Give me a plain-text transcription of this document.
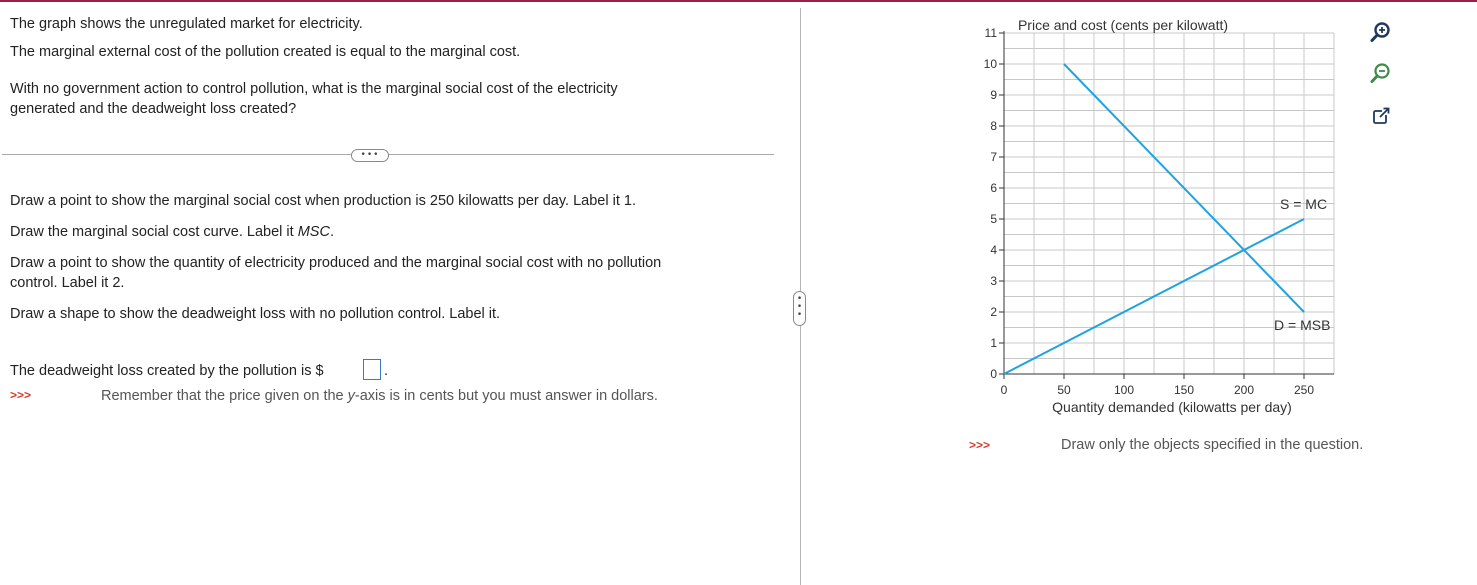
The graph shows the unregulated market for electricity.
The marginal external cost of the pollution created is equal to the marginal cost.
With no government action to control pollution, what is the marginal social cost of the electricity
generated and the deadweight loss created?
•••
Draw a point to show the marginal social cost when production is 250 kilowatts per day. Label it 1.
Draw the marginal social cost curve. Label it MSC.
Draw a point to show the quantity of electricity produced and the marginal social cost with no pollution
control. Label it 2.
Draw a shape to show the deadweight loss with no pollution control. Label it.
The deadweight loss created by the pollution is $	.
>>>	Remember that the price given on the y-axis is in cents but you must answer in dollars.
•
•
•
0
1
2
3
4
5
6
7
8
9
10
11
0	50	100	150	200	250
S = MC
D = MSB
Price and cost (cents per kilowatt)
Quantity demanded (kilowatts per day)
>>>	Draw only the objects specified in the question.
